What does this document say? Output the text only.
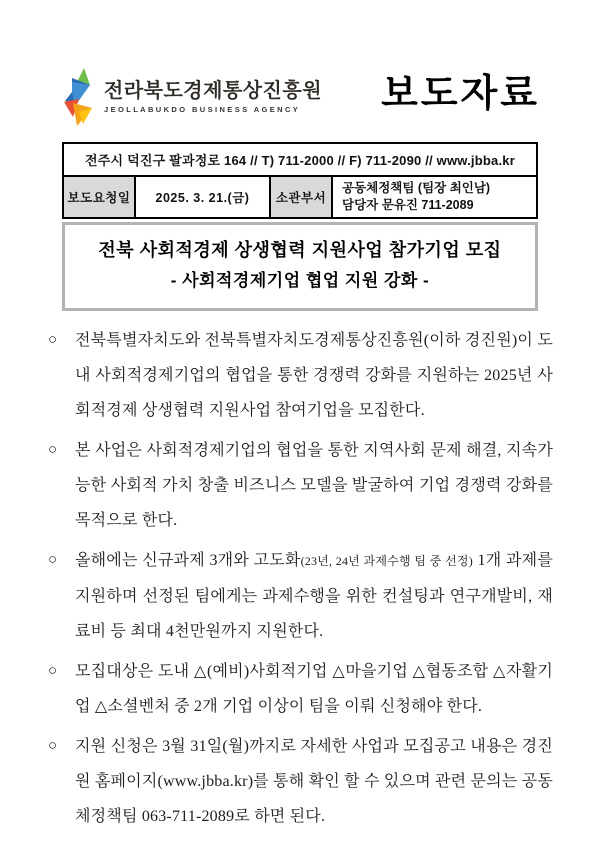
전라북도경제통상진흥원
JEOLLABUKDO BUSINESS AGENCY	보도자료
전주시 덕진구 팔과정로 164 // T) 711-2000 // F) 711-2090 // www.jbba.kr
보도요청일	2025. 3. 21.(금)	소관부서	
공동체정책팀 (팀장 최인남)
담당자 문유진 711-2089
전북 사회적경제 상생협력 지원사업 참가기업 모집
- 사회적경제기업 협업 지원 강화 -
○	전북특별자치도와 전북특별자치도경제통상진흥원(이하 경진원)이 도내 사회적경제기업의 협업을 통한 경쟁력 강화를 지원하는 2025년 사회적경제 상생협력 지원사업 참여기업을 모집한다.
○	본 사업은 사회적경제기업의 협업을 통한 지역사회 문제 해결, 지속가능한 사회적 가치 창출 비즈니스 모델을 발굴하여 기업 경쟁력 강화를 목적으로 한다.
○	올해에는 신규과제 3개와 고도화(23년, 24년 과제수행 팀 중 선정) 1개 과제를 지원하며 선정된 팀에게는 과제수행을 위한 컨설팅과 연구개발비, 재료비 등 최대 4천만원까지 지원한다.
○	모집대상은 도내 △(예비)사회적기업 △마을기업 △협동조합 △자활기업 △소셜벤처 중 2개 기업 이상이 팀을 이뤄 신청해야 한다.
○	지원 신청은 3월 31일(월)까지로 자세한 사업과 모집공고 내용은 경진원 홈페이지(www.jbba.kr)를 통해 확인 할 수 있으며 관련 문의는 공동체정책팀 063-711-2089로 하면 된다.
